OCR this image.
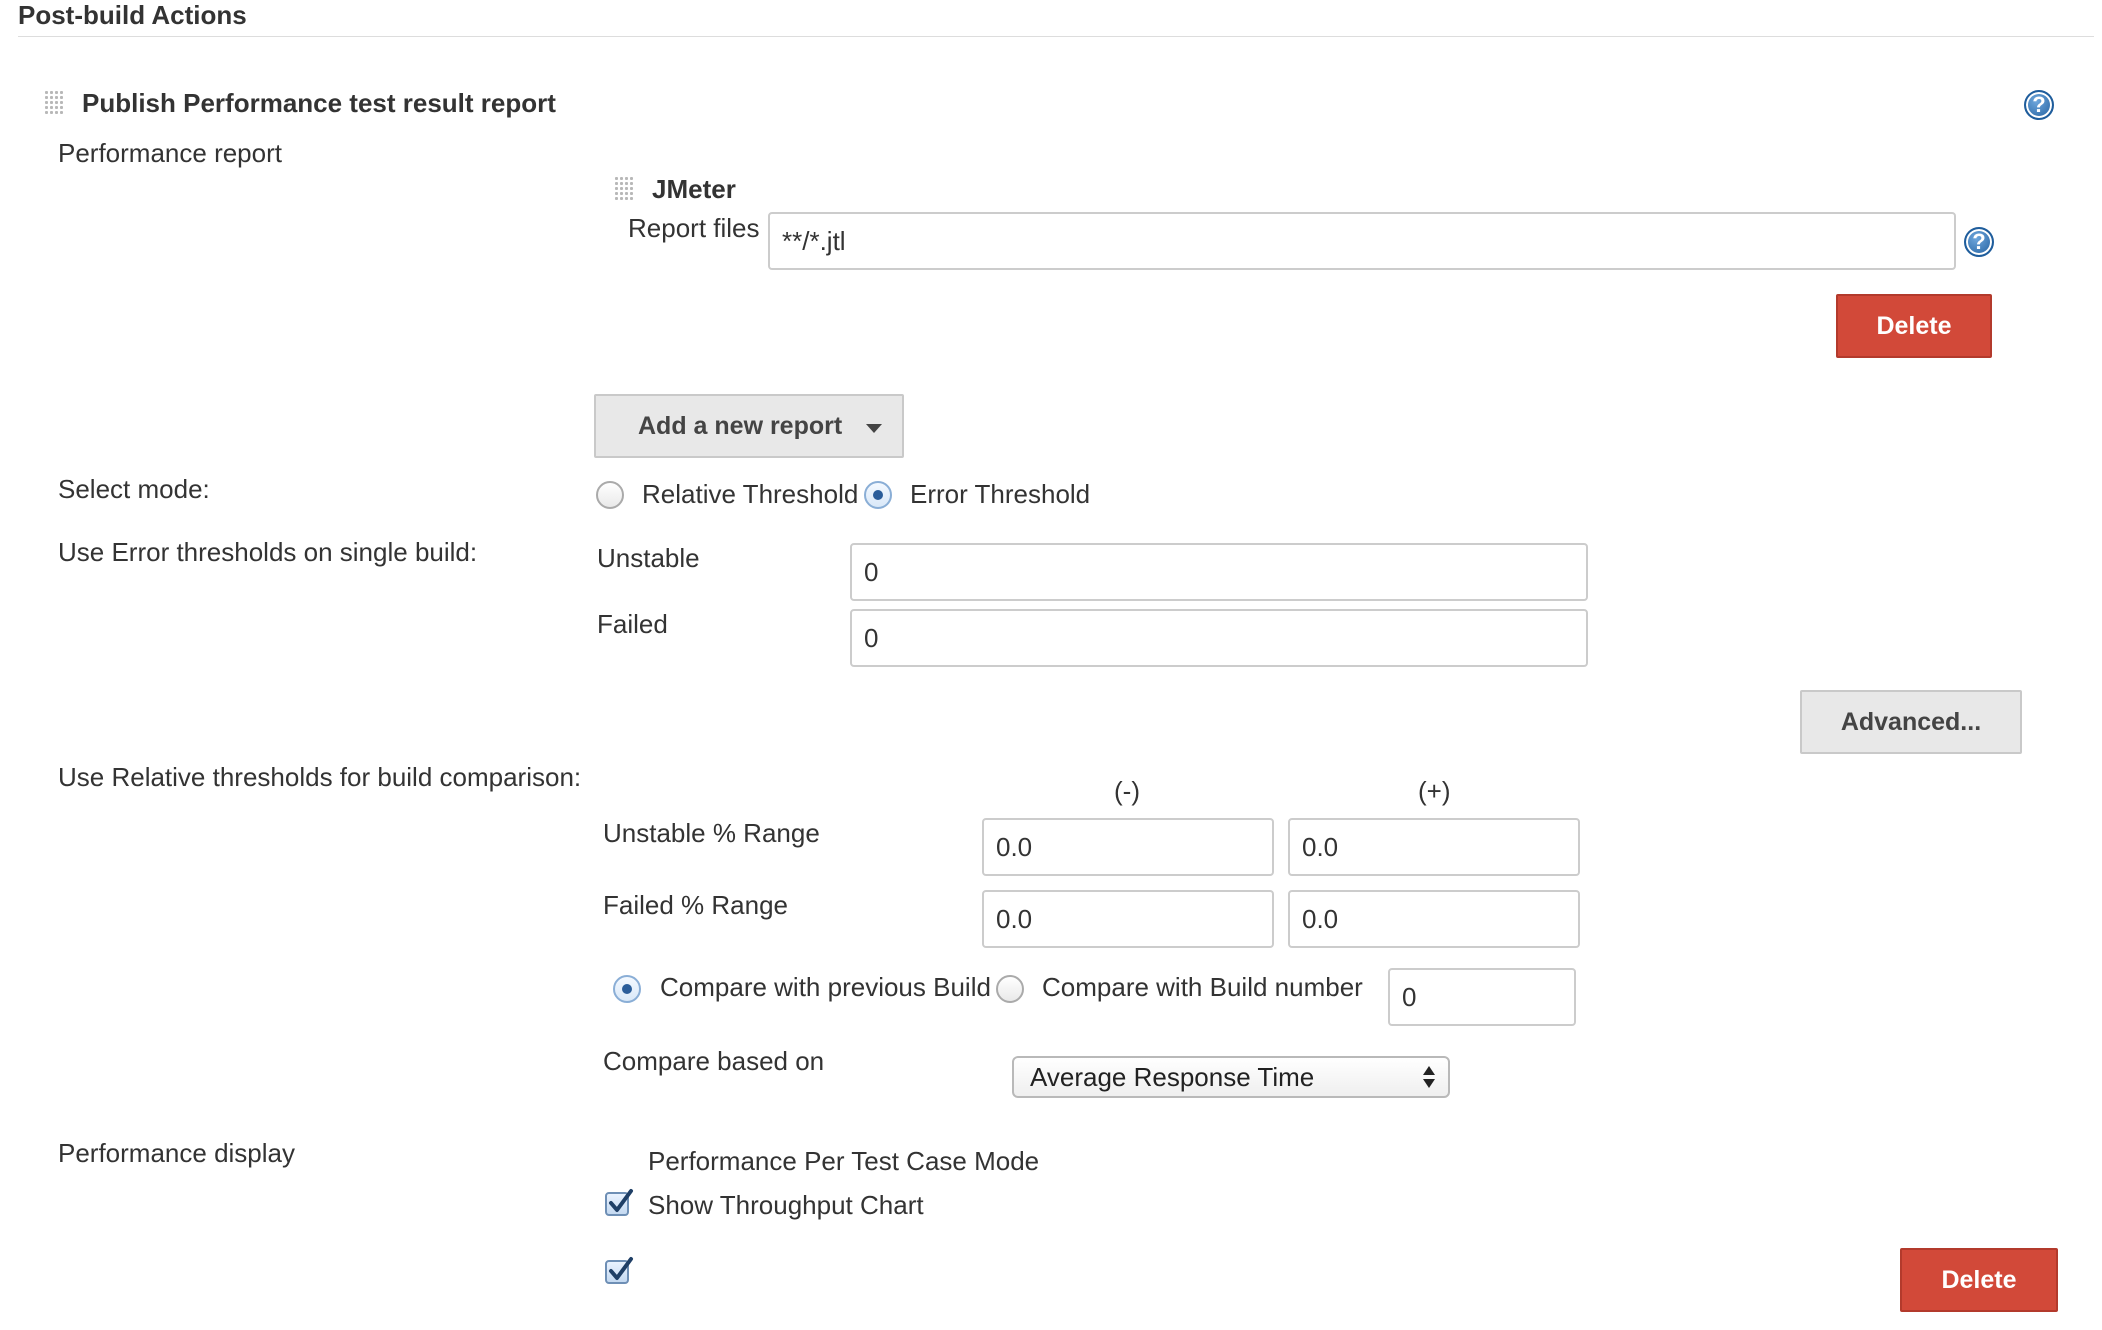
Post-build Actions
Publish Performance test result report	?
Performance report
JMeter
Report files **/*.jtl	?
Delete
Add a new report
Select mode:	Relative Threshold Error Threshold
Use Error thresholds on single build:	Unstable	0
Failed	0
Advanced...
Use Relative thresholds for build comparison:	(-)	(+)
Unstable % Range	0.0	0.0
Failed % Range	0.0	0.0
Compare with previous Build Compare with Build number 0
Compare based on
Average Response Time
Performance display	Performance Per Test Case Mode
Show Throughput Chart
Delete
